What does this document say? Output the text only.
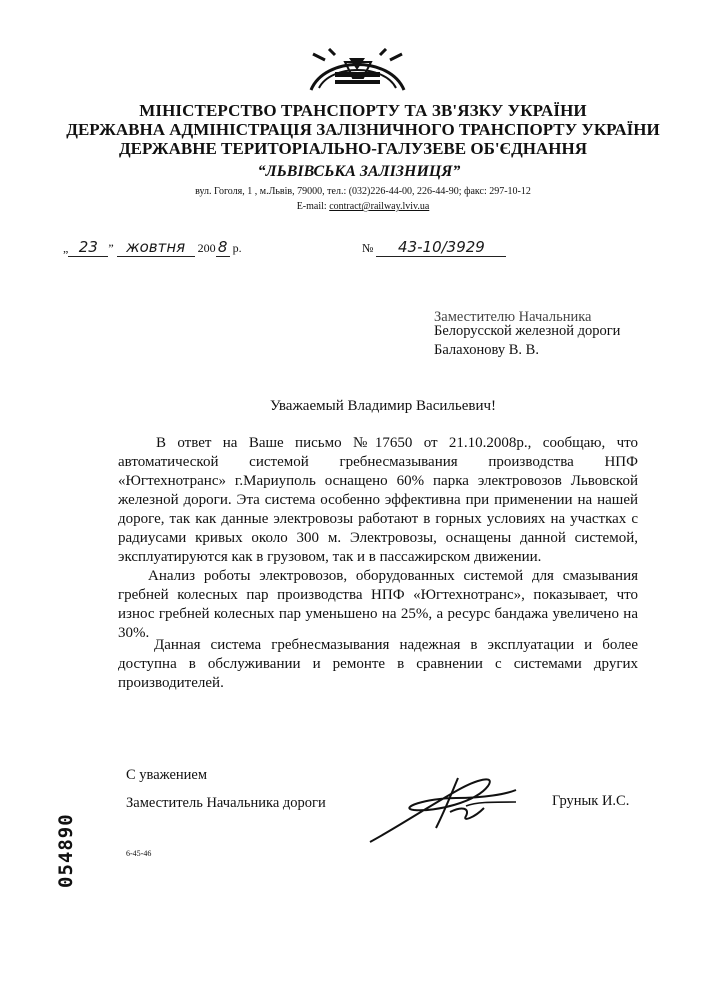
МІНІСТЕРСТВО ТРАНСПОРТУ ТА ЗВ'ЯЗКУ УКРАЇНИ
ДЕРЖАВНА АДМІНІСТРАЦІЯ ЗАЛІЗНИЧНОГО ТРАНСПОРТУ УКРАЇНИ
ДЕРЖАВНЕ ТЕРИТОРІАЛЬНО-ГАЛУЗЕВЕ ОБ'ЄДНАННЯ
“ЛЬВІВСЬКА ЗАЛІЗНИЦЯ”
вул. Гоголя, 1 , м.Львів, 79000, тел.: (032)226-44-00, 226-44-90; факс: 297-10-12
E-mail: contract@railway.lviv.ua
„ 23 ” жовтня 200 8 р.	№ 43-10/3929
Заместителю Начальника
Белорусской железной дороги
Балахонову В. В.
Уважаемый Владимир Васильевич!
В ответ на Ваше письмо №17650 от 21.10.2008р., сообщаю, что автоматической системой гребнесмазывания производства НПФ «Югтехнотранс» г.Мариуполь оснащено 60% парка электровозов Львовской железной дороги. Эта система особенно эффективна при применении на нашей дороге, так как данные электровозы работают в горных условиях на участках с радиусами кривых около 300 м. Электровозы, оснащены данной системой, эксплуатируются как в грузовом, так и в пассажирском движении.
Анализ роботы электровозов, оборудованных системой для смазывания гребней колесных пар производства НПФ «Югтехнотранс», показывает, что износ гребней колесных пар уменьшено на 25%, а ресурс бандажа увеличено на 30%.
Данная система гребнесмазывания надежная в эксплуатации и более доступна в обслуживании и ремонте в сравнении с системами других производителей.
С уважением
Заместитель Начальника дороги	Грунык И.С.
6-45-46
054890
